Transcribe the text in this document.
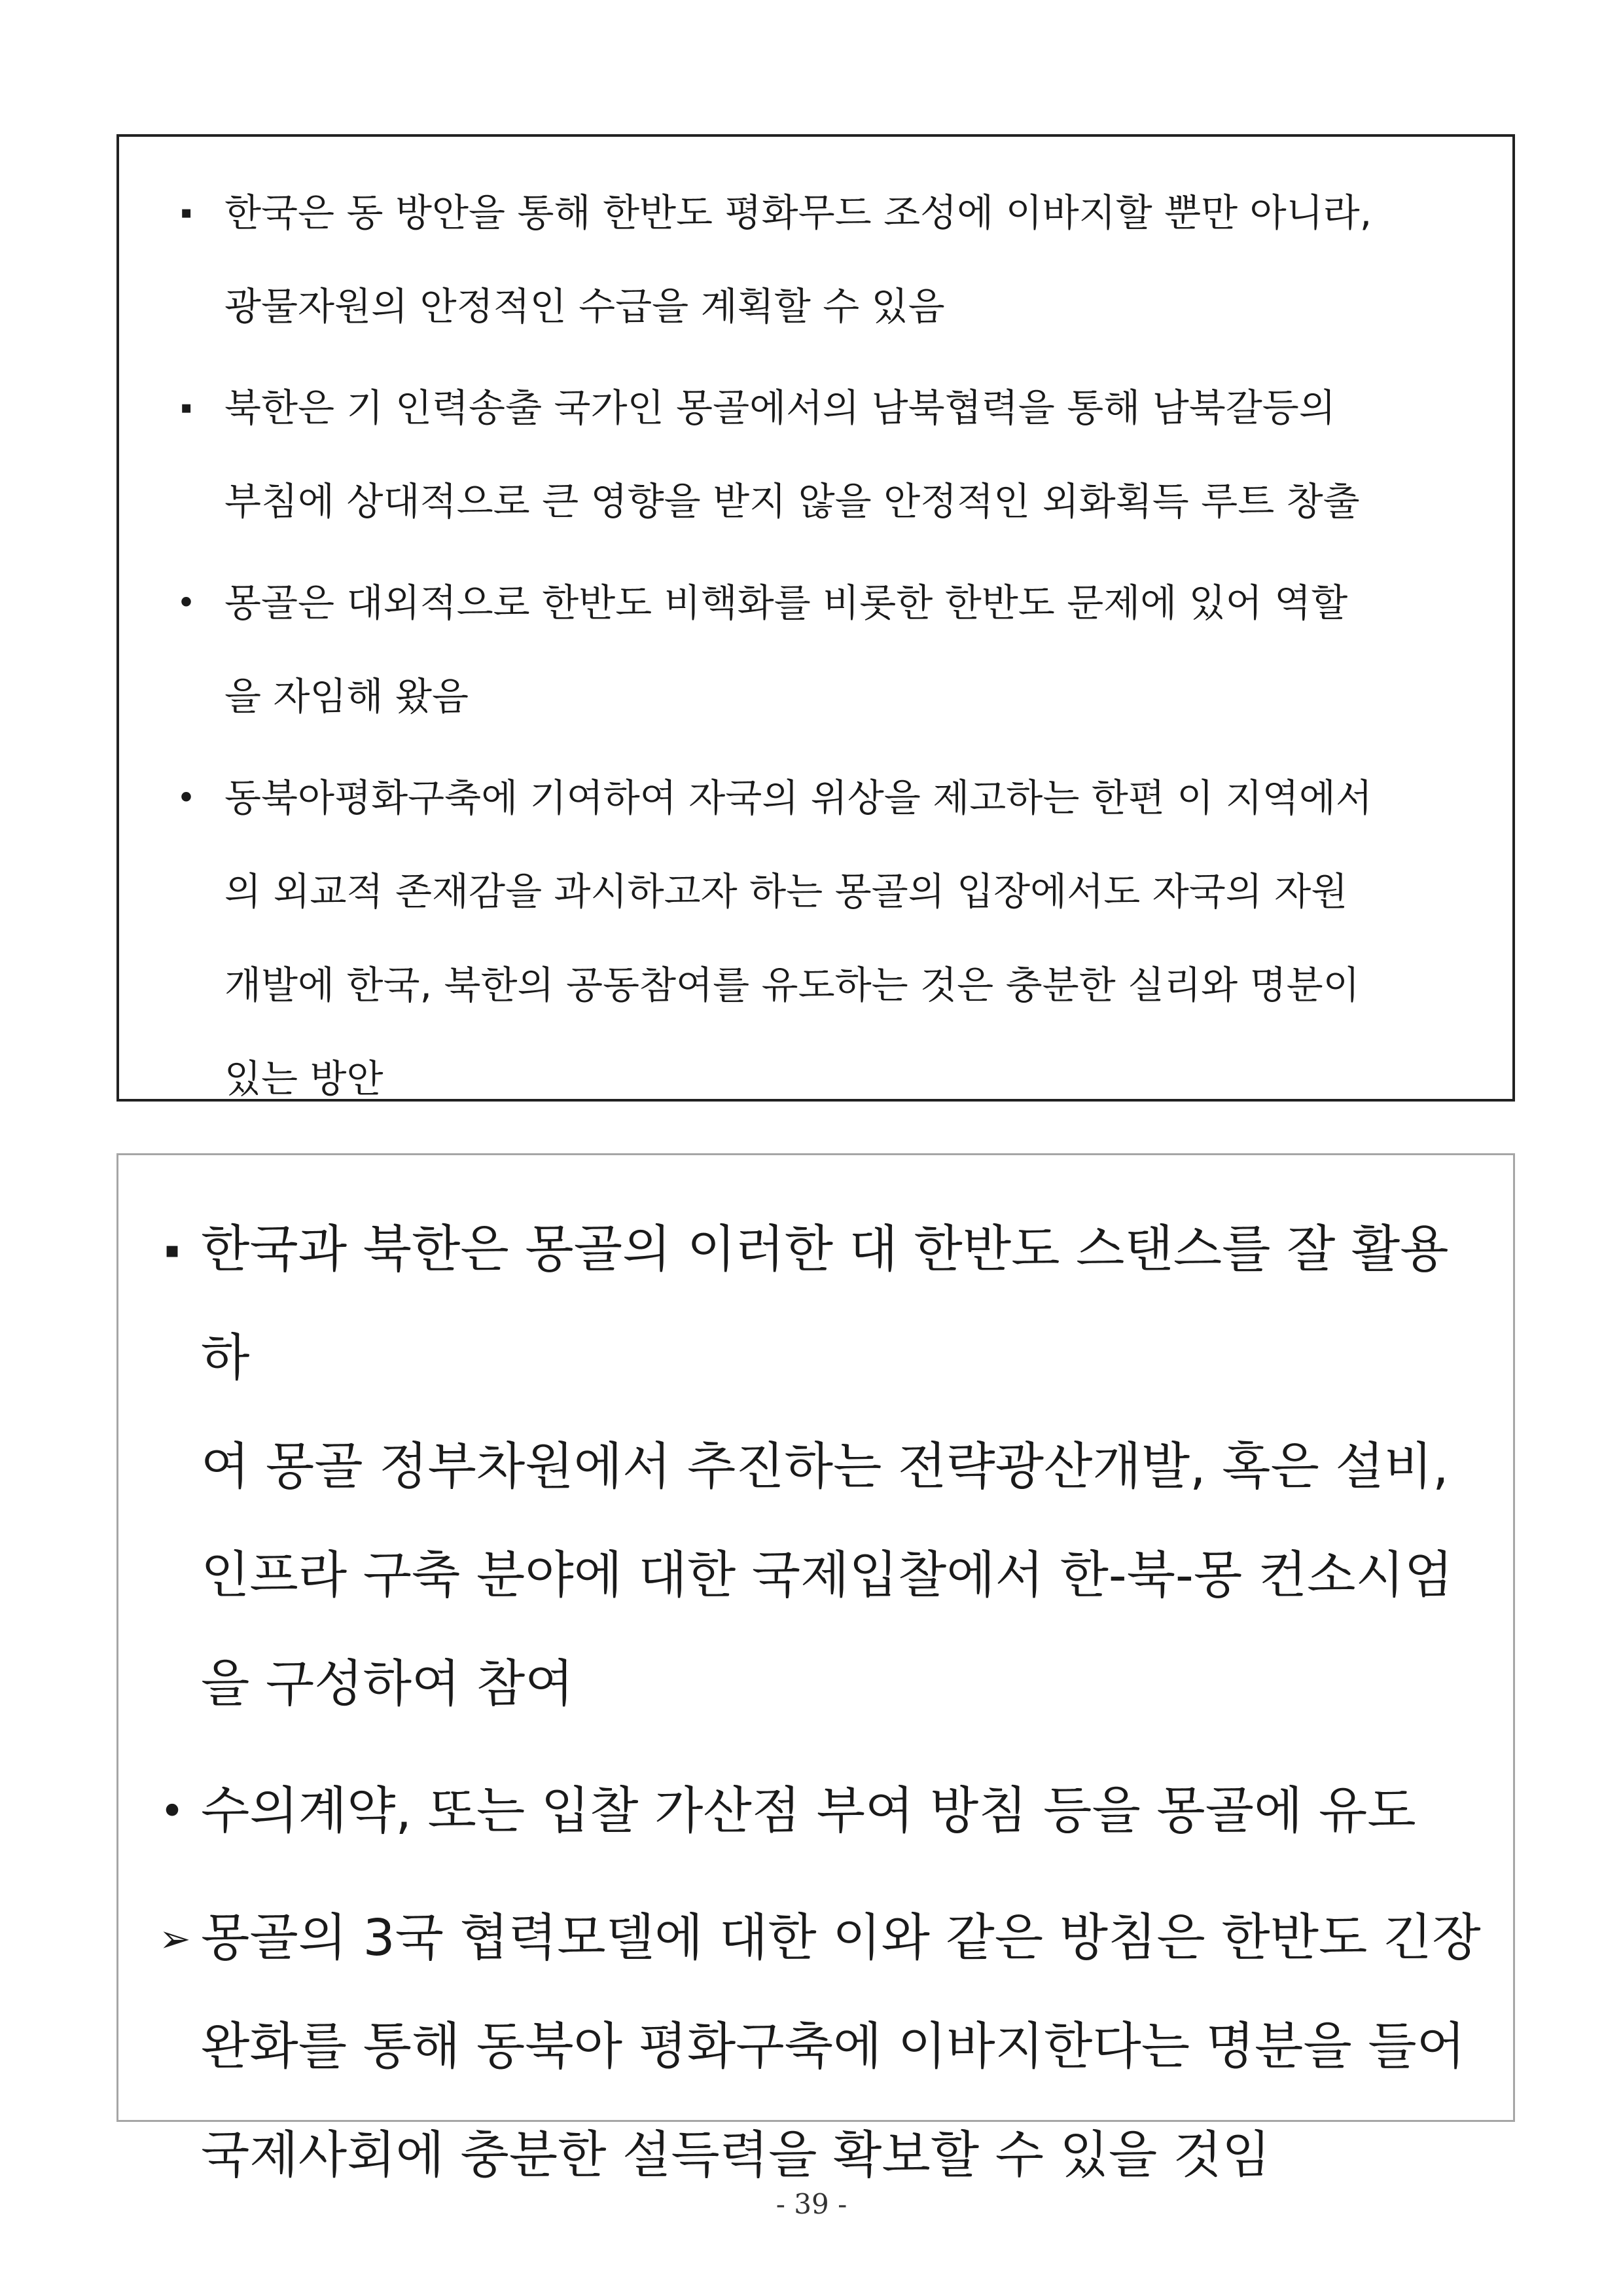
▪ 한국은 동 방안을 통해 한반도 평화무드 조성에 이바지할 뿐만 아니라,
광물자원의 안정적인 수급을 계획할 수 있음
▪ 북한은 기 인력송출 국가인 몽골에서의 남북협력을 통해 남북갈등의
부침에 상대적으로 큰 영향을 받지 않을 안정적인 외화획득 루트 창출
• 몽골은 대외적으로 한반도 비핵화를 비롯한 한반도 문제에 있어 역할
을 자임해 왔음
• 동북아평화구축에 기여하여 자국의 위상을 제고하는 한편 이 지역에서
의 외교적 존재감을 과시하고자 하는 몽골의 입장에서도 자국의 자원
개발에 한국, 북한의 공동참여를 유도하는 것은 충분한 실리와 명분이
있는 방안
▪ 한국과 북한은 몽골의 이러한 대 한반도 스탠스를 잘 활용하
여 몽골 정부차원에서 추진하는 전략광산개발, 혹은 설비,
인프라 구축 분야에 대한 국제입찰에서 한-북-몽 컨소시엄
을 구성하여 참여
• 수의계약, 또는 입찰 가산점 부여 방침 등을 몽골에 유도
➢ 몽골의 3국 협력모델에 대한 이와 같은 방침은 한반도 긴장
완화를 통해 동북아 평화구축에 이바지한다는 명분을 들어
국제사회에 충분한 설득력을 확보할 수 있을 것임
- 39 -
